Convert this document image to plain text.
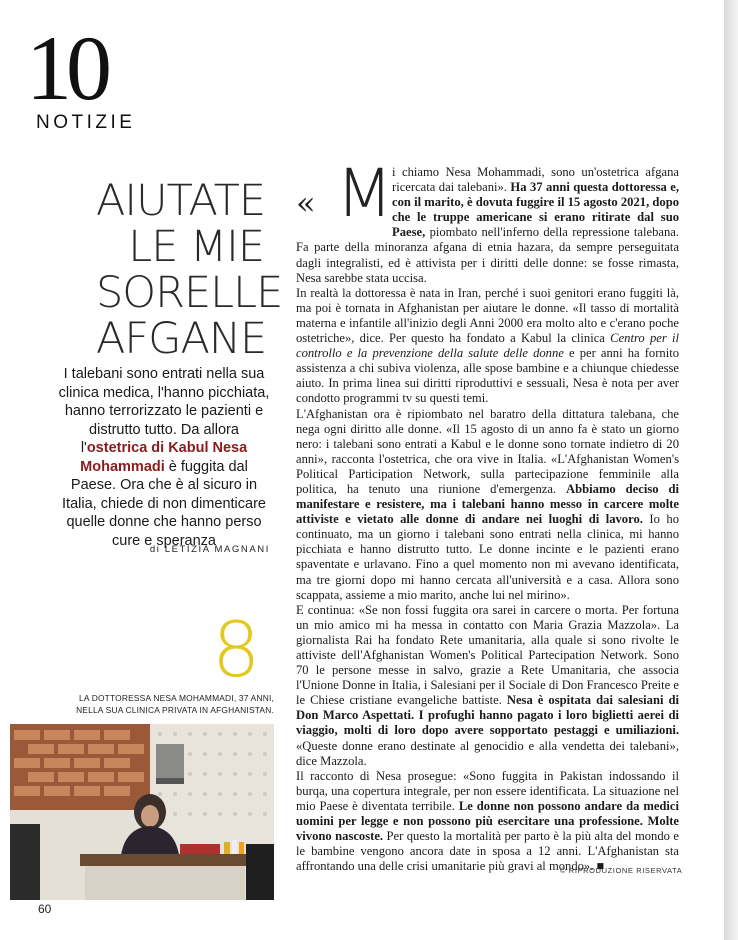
10
NOTIZIE
AIUTATE
LE MIE
SORELLE
AFGANE
I talebani sono entrati nella sua clinica medica, l'hanno picchiata, hanno terrorizzato le pazienti e distrutto tutto. Da allora l'ostetrica di Kabul Nesa Mohammadi è fuggita dal Paese. Ora che è al sicuro in Italia, chiede di non dimenticare quelle donne che hanno perso cure e speranza
di LETIZIA MAGNANI
8
LA DOTTORESSA NESA MOHAMMADI, 37 ANNI, NELLA SUA CLINICA PRIVATA IN AFGHANISTAN.

« M i chiamo Nesa Mohammadi, sono un'ostetrica afgana ricercata dai talebani». Ha 37 anni questa dottoressa e, con il marito, è dovuta fuggire il 15 agosto 2021, dopo che le truppe americane si erano ritirate dal suo Paese, piombato nell'inferno della repressione talebana. Fa parte della minoranza afgana di etnia hazara, da sempre perseguitata dagli integralisti, ed è attivista per i diritti delle donne: se fosse rimasta, Nesa sarebbe stata uccisa.

In realtà la dottoressa è nata in Iran, perché i suoi genitori erano fuggiti là, ma poi è tornata in Afghanistan per aiutare le donne. «Il tasso di mortalità materna e infantile all'inizio degli Anni 2000 era molto alto e c'erano poche ostetriche», dice. Per questo ha fondato a Kabul la clinica Centro per il controllo e la prevenzione della salute delle donne e per anni ha fornito assistenza a chi subiva violenza, alle spose bambine e a chiunque chiedesse aiuto. In prima linea sui diritti riproduttivi e sessuali, Nesa è nota per aver condotto programmi tv su questi temi.

L'Afghanistan ora è ripiombato nel baratro della dittatura talebana, che nega ogni diritto alle donne. «Il 15 agosto di un anno fa è stato un giorno nero: i talebani sono entrati a Kabul e le donne sono tornate indietro di 20 anni», racconta l'ostetrica, che ora vive in Italia. «L'Afghanistan Women's Political Participation Network, sulla partecipazione femminile alla politica, ha tenuto una riunione d'emergenza. Abbiamo deciso di manifestare e resistere, ma i talebani hanno messo in carcere molte attiviste e vietato alle donne di andare nei luoghi di lavoro. Io ho continuato, ma un giorno i talebani sono entrati nella clinica, mi hanno picchiata e hanno distrutto tutto. Le donne incinte e le pazienti erano spaventate e urlavano. Fino a quel momento non mi avevano identificata, ma tre giorni dopo mi hanno cercata all'università e a casa. Allora sono scappata, assieme a mio marito, anche lui nel mirino».

E continua: «Se non fossi fuggita ora sarei in carcere o morta. Per fortuna un mio amico mi ha messa in contatto con Maria Grazia Mazzola». La giornalista Rai ha fondato Rete umanitaria, alla quale si sono rivolte le attiviste dell'Afghanistan Women's Political Partecipation Network. Sono 70 le persone messe in salvo, grazie a Rete Umanitaria, che associa l'Unione Donne in Italia, i Salesiani per il Sociale di Don Francesco Preite e le Chiese cristiane evangeliche battiste. Nesa è ospitata dai salesiani di Don Marco Aspettati. I profughi hanno pagato i loro biglietti aerei di viaggio, molti di loro dopo avere sopportato pestaggi e umiliazioni. «Queste donne erano destinate al genocidio e alla vendetta dei talebani», dice Mazzola.

Il racconto di Nesa prosegue: «Sono fuggita in Pakistan indossando il burqa, una copertura integrale, per non essere identificata. La situazione nel mio Paese è diventata terribile. Le donne non possono andare da medici uomini per legge e non possono più esercitare una professione. Molte vivono nascoste. Per questo la mortalità per parto è la più alta del mondo e le bambine vengono ancora date in sposa a 12 anni. L'Afghanistan sta affrontando una delle crisi umanitarie più gravi al mondo». ■

© RIPRODUZIONE RISERVATA
60
